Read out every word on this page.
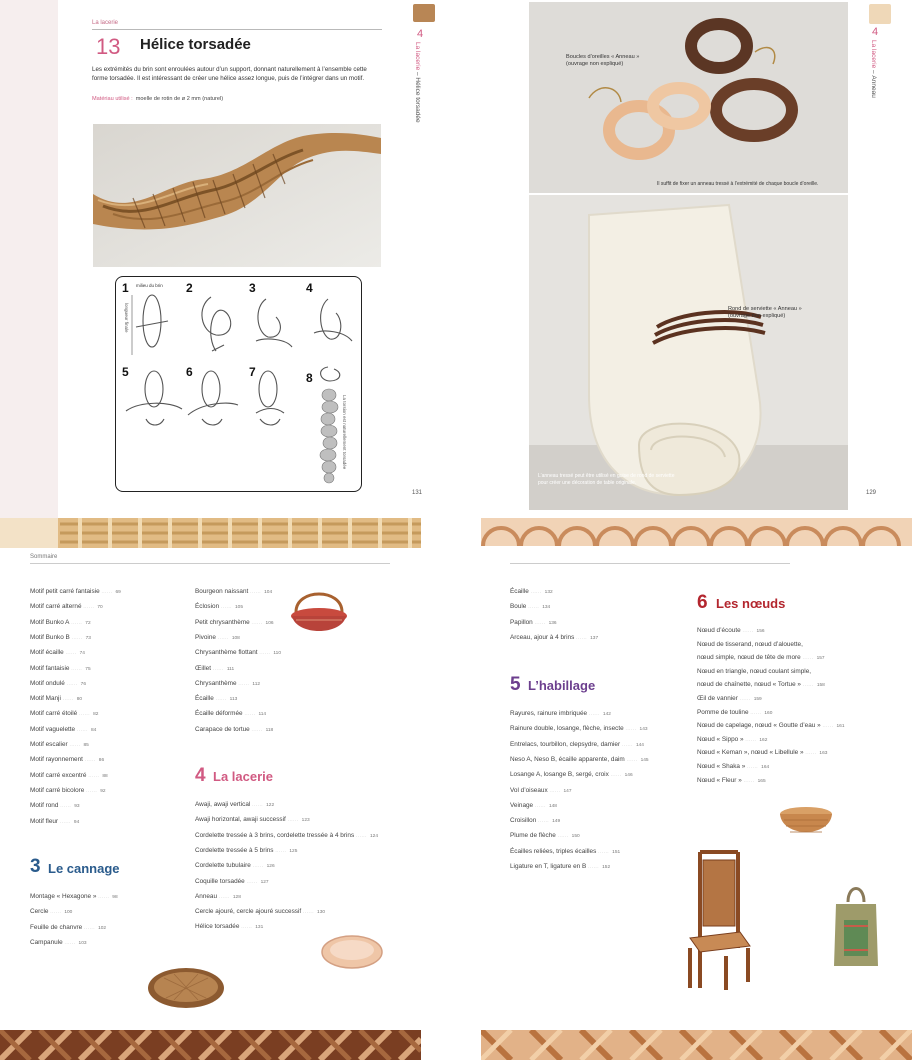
La lacerie
13 Hélice torsadée
Les extrémités du brin sont enroulées autour d’un support, donnant naturellement à l’ensemble cette forme torsadée. Il est intéressant de créer une hélice assez longue, puis de l’intégrer dans un motif.
Matériau utilisé : moelle de rotin de ø 2 mm (naturel)
1	2	3	4
5	6	7	8
milieu du brin
longueur finale
La torsion est naturellement torsadée
4
La lacerie – Hélice torsadée
131
Boucles d’oreilles « Anneau »
(ouvrage non expliqué)
Il suffit de fixer un anneau tressé à l’extrémité de chaque boucle d’oreille.
Rond de serviette « Anneau »
(ouvrage non expliqué)
L’anneau tressé peut être utilisé en guise de rond de serviette
pour créer une décoration de table originale.
4
La lacerie – Anneau
129
Sommaire
Motif petit carré fantaisie ...... 69
Motif carré alterné ...... 70
Motif Bunko A ...... 72
Motif Bunko B ...... 73
Motif écaille ...... 74
Motif fantaisie ...... 75
Motif ondulé ...... 76
Motif Manji ...... 80
Motif carré étoilé ...... 82
Motif vaguelette ...... 84
Motif escalier ...... 85
Motif rayonnement ...... 86
Motif carré excentré ...... 88
Motif carré bicolore ...... 92
Motif rond ...... 93
Motif fleur ...... 94
3 Le cannage
Montage « Hexagone » ...... 98
Cercle ...... 100
Feuille de chanvre ...... 102
Campanule ...... 103
Bourgeon naissant ...... 104
Éclosion ...... 105
Petit chrysanthème ...... 106
Pivoine ...... 108
Chrysanthème flottant ...... 110
Œillet ...... 111
Chrysanthème ...... 112
Écaille ...... 113
Écaille déformée ...... 114
Carapace de tortue ...... 118
4 La lacerie
Awaji, awaji vertical ...... 122
Awaji horizontal, awaji successif ...... 123
Cordelette tressée à 3 brins, cordelette tressée à 4 brins ...... 124
Cordelette tressée à 5 brins ...... 125
Cordelette tubulaire ...... 126
Coquille torsadée ...... 127
Anneau ...... 128
Cercle ajouré, cercle ajouré successif ...... 130
Hélice torsadée ...... 131
Écaille ...... 132
Boule ...... 134
Papillon ...... 136
Arceau, ajour à 4 brins ...... 137
5 L’habillage
Rayures, rainure imbriquée ...... 142
Rainure double, losange, flèche, insecte ...... 143
Entrelacs, tourbillon, clepsydre, damier ...... 144
Neso A, Neso B, écaille apparente, daim ...... 145
Losange A, losange B, sergé, croix ...... 146
Vol d’oiseaux ...... 147
Veinage ...... 148
Croisillon ...... 149
Plume de flèche ...... 150
Écailles reliées, triples écailles ...... 151
Ligature en T, ligature en B ...... 152
6 Les nœuds
Nœud d’écoute ...... 156
Nœud de tisserand, nœud d’alouette,
nœud simple, nœud de tête de more ...... 157
Nœud en triangle, nœud coulant simple,
nœud de chaînette, nœud « Tortue » ...... 158
Œil de vannier ...... 159
Pomme de touline ...... 160
Nœud de capelage, nœud « Goutte d’eau » ...... 161
Nœud « Sippo » ...... 162
Nœud « Keman », nœud « Libellule » ...... 163
Nœud « Shaka » ...... 164
Nœud « Fleur » ...... 165
